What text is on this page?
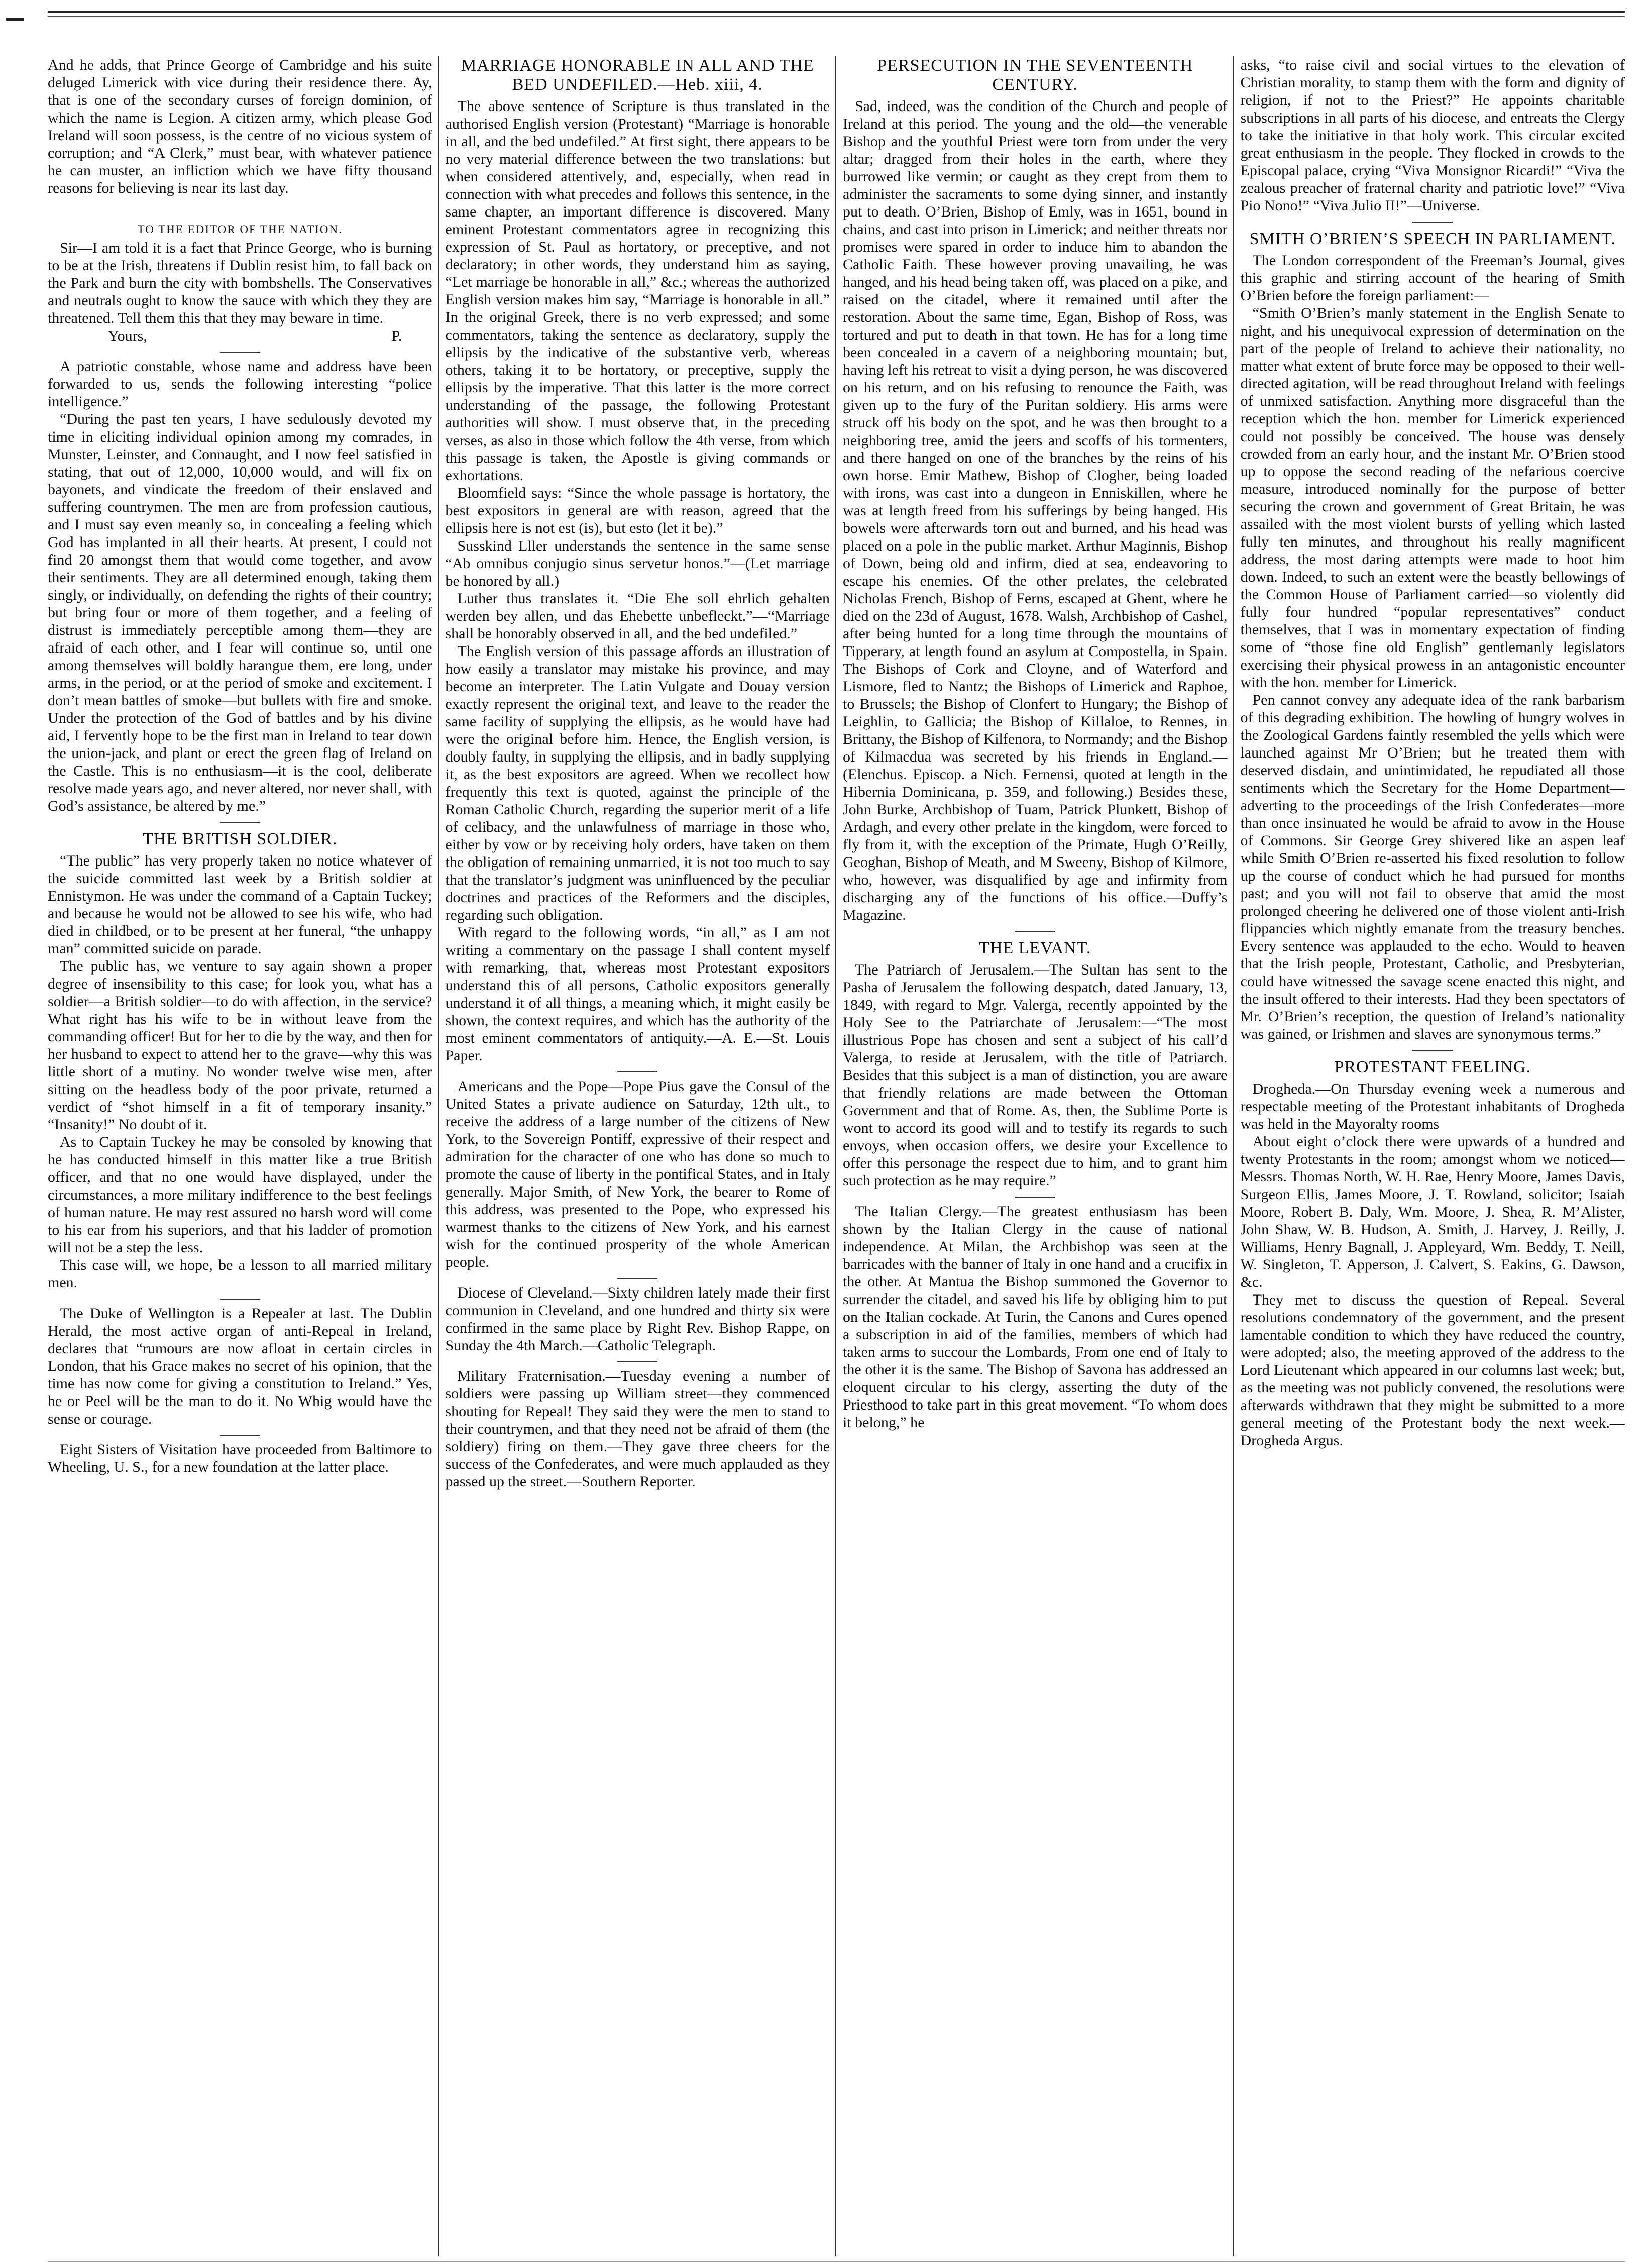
And he adds, that Prince George of Cambridge and his suite deluged Limerick with vice during their residence there. Ay, that is one of the secondary curses of foreign dominion, of which the name is Legion. A citizen army, which please God Ireland will soon possess, is the centre of no vicious system of corruption; and “A Clerk,” must bear, with whatever patience he can muster, an infliction which we have fifty thousand reasons for believing is near its last day.

TO THE EDITOR OF THE NATION.

Sir—I am told it is a fact that Prince George, who is burning to be at the Irish, threatens if Dublin resist him, to fall back on the Park and burn the city with bombshells. The Conservatives and neutrals ought to know the sauce with which they they are threatened. Tell them this that they may beware in time.

Yours,	P.

A patriotic constable, whose name and address have been forwarded to us, sends the following interesting “police intelligence.”

“During the past ten years, I have sedulously devoted my time in eliciting individual opinion among my comrades, in Munster, Leinster, and Connaught, and I now feel satisfied in stating, that out of 12,000, 10,000 would, and will fix on bayonets, and vindicate the freedom of their enslaved and suffering countrymen. The men are from profession cautious, and I must say even meanly so, in concealing a feeling which God has implanted in all their hearts. At present, I could not find 20 amongst them that would come together, and avow their sentiments. They are all determined enough, taking them singly, or individually, on defending the rights of their country; but bring four or more of them together, and a feeling of distrust is immediately perceptible among them—they are afraid of each other, and I fear will continue so, until one among themselves will boldly harangue them, ere long, under arms, in the period, or at the period of smoke and excitement. I don’t mean battles of smoke—but bullets with fire and smoke. Under the protection of the God of battles and by his divine aid, I fervently hope to be the first man in Ireland to tear down the union-jack, and plant or erect the green flag of Ireland on the Castle. This is no enthusiasm—it is the cool, deliberate resolve made years ago, and never altered, nor never shall, with God’s assistance, be altered by me.”

THE BRITISH SOLDIER.

“The public” has very properly taken no notice whatever of the suicide committed last week by a British soldier at Ennistymon. He was under the command of a Captain Tuckey; and because he would not be allowed to see his wife, who had died in childbed, or to be present at her funeral, “the unhappy man” committed suicide on parade.

The public has, we venture to say again shown a proper degree of insensibility to this case; for look you, what has a soldier—a British soldier—to do with affection, in the service? What right has his wife to be in without leave from the commanding officer! But for her to die by the way, and then for her husband to expect to attend her to the grave—why this was little short of a mutiny. No wonder twelve wise men, after sitting on the headless body of the poor private, returned a verdict of “shot himself in a fit of temporary insanity.” “Insanity!” No doubt of it.

As to Captain Tuckey he may be consoled by knowing that he has conducted himself in this matter like a true British officer, and that no one would have displayed, under the circumstances, a more military indifference to the best feelings of human nature. He may rest assured no harsh word will come to his ear from his superiors, and that his ladder of promotion will not be a step the less.

This case will, we hope, be a lesson to all married military men.

The Duke of Wellington is a Repealer at last. The Dublin Herald, the most active organ of anti-Repeal in Ireland, declares that “rumours are now afloat in certain circles in London, that his Grace makes no secret of his opinion, that the time has now come for giving a constitution to Ireland.” Yes, he or Peel will be the man to do it. No Whig would have the sense or courage.

Eight Sisters of Visitation have proceeded from Baltimore to Wheeling, U. S., for a new foundation at the latter place.

MARRIAGE HONORABLE IN ALL AND THE BED UNDEFILED.—Heb. xiii, 4.

The above sentence of Scripture is thus translated in the authorised English version (Protestant) “Marriage is honorable in all, and the bed undefiled.” At first sight, there appears to be no very material difference between the two translations: but when considered attentively, and, especially, when read in connection with what precedes and follows this sentence, in the same chapter, an important difference is discovered. Many eminent Protestant commentators agree in recognizing this expression of St. Paul as hortatory, or preceptive, and not declaratory; in other words, they understand him as saying, “Let marriage be honorable in all,” &c.; whereas the authorized English version makes him say, “Marriage is honorable in all.” In the original Greek, there is no verb expressed; and some commentators, taking the sentence as declaratory, supply the ellipsis by the indicative of the substantive verb, whereas others, taking it to be hortatory, or preceptive, supply the ellipsis by the imperative. That this latter is the more correct understanding of the passage, the following Protestant authorities will show. I must observe that, in the preceding verses, as also in those which follow the 4th verse, from which this passage is taken, the Apostle is giving commands or exhortations.

Bloomfield says: “Since the whole passage is hortatory, the best expositors in general are with reason, agreed that the ellipsis here is not est (is), but esto (let it be).”

Susskind Lller understands the sentence in the same sense “Ab omnibus conjugio sinus servetur honos.”—(Let marriage be honored by all.)

Luther thus translates it. “Die Ehe soll ehrlich gehalten werden bey allen, und das Ehebette unbefleckt.”—“Marriage shall be honorably observed in all, and the bed undefiled.”

The English version of this passage affords an illustration of how easily a translator may mistake his province, and may become an interpreter. The Latin Vulgate and Douay version exactly represent the original text, and leave to the reader the same facility of supplying the ellipsis, as he would have had were the original before him. Hence, the English version, is doubly faulty, in supplying the ellipsis, and in badly supplying it, as the best expositors are agreed. When we recollect how frequently this text is quoted, against the principle of the Roman Catholic Church, regarding the superior merit of a life of celibacy, and the unlawfulness of marriage in those who, either by vow or by receiving holy orders, have taken on them the obligation of remaining unmarried, it is not too much to say that the translator’s judgment was uninfluenced by the peculiar doctrines and practices of the Reformers and the disciples, regarding such obligation.

With regard to the following words, “in all,” as I am not writing a commentary on the passage I shall content myself with remarking, that, whereas most Protestant expositors understand this of all persons, Catholic expositors generally understand it of all things, a meaning which, it might easily be shown, the context requires, and which has the authority of the most eminent commentators of antiquity.—A. E.—St. Louis Paper.

Americans and the Pope—Pope Pius gave the Consul of the United States a private audience on Saturday, 12th ult., to receive the address of a large number of the citizens of New York, to the Sovereign Pontiff, expressive of their respect and admiration for the character of one who has done so much to promote the cause of liberty in the pontifical States, and in Italy generally. Major Smith, of New York, the bearer to Rome of this address, was presented to the Pope, who expressed his warmest thanks to the citizens of New York, and his earnest wish for the continued prosperity of the whole American people.

Diocese of Cleveland.—Sixty children lately made their first communion in Cleveland, and one hundred and thirty six were confirmed in the same place by Right Rev. Bishop Rappe, on Sunday the 4th March.—Catholic Telegraph.

Military Fraternisation.—Tuesday evening a number of soldiers were passing up William street—they commenced shouting for Repeal! They said they were the men to stand to their countrymen, and that they need not be afraid of them (the soldiery) firing on them.—They gave three cheers for the success of the Confederates, and were much applauded as they passed up the street.—Southern Reporter.

PERSECUTION IN THE SEVENTEENTH CENTURY.

Sad, indeed, was the condition of the Church and people of Ireland at this period. The young and the old—the venerable Bishop and the youthful Priest were torn from under the very altar; dragged from their holes in the earth, where they burrowed like vermin; or caught as they crept from them to administer the sacraments to some dying sinner, and instantly put to death. O’Brien, Bishop of Emly, was in 1651, bound in chains, and cast into prison in Limerick; and neither threats nor promises were spared in order to induce him to abandon the Catholic Faith. These however proving unavailing, he was hanged, and his head being taken off, was placed on a pike, and raised on the citadel, where it remained until after the restoration. About the same time, Egan, Bishop of Ross, was tortured and put to death in that town. He has for a long time been concealed in a cavern of a neighboring mountain; but, having left his retreat to visit a dying person, he was discovered on his return, and on his refusing to renounce the Faith, was given up to the fury of the Puritan soldiery. His arms were struck off his body on the spot, and he was then brought to a neighboring tree, amid the jeers and scoffs of his tormenters, and there hanged on one of the branches by the reins of his own horse. Emir Mathew, Bishop of Clogher, being loaded with irons, was cast into a dungeon in Enniskillen, where he was at length freed from his sufferings by being hanged. His bowels were afterwards torn out and burned, and his head was placed on a pole in the public market. Arthur Maginnis, Bishop of Down, being old and infirm, died at sea, endeavoring to escape his enemies. Of the other prelates, the celebrated Nicholas French, Bishop of Ferns, escaped at Ghent, where he died on the 23d of August, 1678. Walsh, Archbishop of Cashel, after being hunted for a long time through the mountains of Tipperary, at length found an asylum at Compostella, in Spain. The Bishops of Cork and Cloyne, and of Waterford and Lismore, fled to Nantz; the Bishops of Limerick and Raphoe, to Brussels; the Bishop of Clonfert to Hungary; the Bishop of Leighlin, to Gallicia; the Bishop of Killaloe, to Rennes, in Brittany, the Bishop of Kilfenora, to Normandy; and the Bishop of Kilmacdua was secreted by his friends in England.—(Elenchus. Episcop. a Nich. Fernensi, quoted at length in the Hibernia Dominicana, p. 359, and following.) Besides these, John Burke, Archbishop of Tuam, Patrick Plunkett, Bishop of Ardagh, and every other prelate in the kingdom, were forced to fly from it, with the exception of the Primate, Hugh O’Reilly, Geoghan, Bishop of Meath, and M Sweeny, Bishop of Kilmore, who, however, was disqualified by age and infirmity from discharging any of the functions of his office.—Duffy’s Magazine.

THE LEVANT.

The Patriarch of Jerusalem.—The Sultan has sent to the Pasha of Jerusalem the following despatch, dated January, 13, 1849, with regard to Mgr. Valerga, recently appointed by the Holy See to the Patriarchate of Jerusalem:—“The most illustrious Pope has chosen and sent a subject of his call’d Valerga, to reside at Jerusalem, with the title of Patriarch. Besides that this subject is a man of distinction, you are aware that friendly relations are made between the Ottoman Government and that of Rome. As, then, the Sublime Porte is wont to accord its good will and to testify its regards to such envoys, when occasion offers, we desire your Excellence to offer this personage the respect due to him, and to grant him such protection as he may require.”

The Italian Clergy.—The greatest enthusiasm has been shown by the Italian Clergy in the cause of national independence. At Milan, the Archbishop was seen at the barricades with the banner of Italy in one hand and a crucifix in the other. At Mantua the Bishop summoned the Governor to surrender the citadel, and saved his life by obliging him to put on the Italian cockade. At Turin, the Canons and Cures opened a subscription in aid of the families, members of which had taken arms to succour the Lombards, From one end of Italy to the other it is the same. The Bishop of Savona has addressed an eloquent circular to his clergy, asserting the duty of the Priesthood to take part in this great movement. “To whom does it belong,” he

asks, “to raise civil and social virtues to the elevation of Christian morality, to stamp them with the form and dignity of religion, if not to the Priest?” He appoints charitable subscriptions in all parts of his diocese, and entreats the Clergy to take the initiative in that holy work. This circular excited great enthusiasm in the people. They flocked in crowds to the Episcopal palace, crying “Viva Monsignor Ricardi!” “Viva the zealous preacher of fraternal charity and patriotic love!” “Viva Pio Nono!” “Viva Julio II!”—Universe.

SMITH O’BRIEN’S SPEECH IN PARLIAMENT.

The London correspondent of the Freeman’s Journal, gives this graphic and stirring account of the hearing of Smith O’Brien before the foreign parliament:—

“Smith O’Brien’s manly statement in the English Senate to night, and his unequivocal expression of determination on the part of the people of Ireland to achieve their nationality, no matter what extent of brute force may be opposed to their well-directed agitation, will be read throughout Ireland with feelings of unmixed satisfaction. Anything more disgraceful than the reception which the hon. member for Limerick experienced could not possibly be conceived. The house was densely crowded from an early hour, and the instant Mr. O’Brien stood up to oppose the second reading of the nefarious coercive measure, introduced nominally for the purpose of better securing the crown and government of Great Britain, he was assailed with the most violent bursts of yelling which lasted fully ten minutes, and throughout his really magnificent address, the most daring attempts were made to hoot him down. Indeed, to such an extent were the beastly bellowings of the Common House of Parliament carried—so violently did fully four hundred “popular representatives” conduct themselves, that I was in momentary expectation of finding some of “those fine old English” gentlemanly legislators exercising their physical prowess in an antagonistic encounter with the hon. member for Limerick.

Pen cannot convey any adequate idea of the rank barbarism of this degrading exhibition. The howling of hungry wolves in the Zoological Gardens faintly resembled the yells which were launched against Mr O’Brien; but he treated them with deserved disdain, and unintimidated, he repudiated all those sentiments which the Secretary for the Home Department—adverting to the proceedings of the Irish Confederates—more than once insinuated he would be afraid to avow in the House of Commons. Sir George Grey shivered like an aspen leaf while Smith O’Brien re-asserted his fixed resolution to follow up the course of conduct which he had pursued for months past; and you will not fail to observe that amid the most prolonged cheering he delivered one of those violent anti-Irish flippancies which nightly emanate from the treasury benches. Every sentence was applauded to the echo. Would to heaven that the Irish people, Protestant, Catholic, and Presbyterian, could have witnessed the savage scene enacted this night, and the insult offered to their interests. Had they been spectators of Mr. O’Brien’s reception, the question of Ireland’s nationality was gained, or Irishmen and slaves are synonymous terms.”

PROTESTANT FEELING.

Drogheda.—On Thursday evening week a numerous and respectable meeting of the Protestant inhabitants of Drogheda was held in the Mayoralty rooms

About eight o’clock there were upwards of a hundred and twenty Protestants in the room; amongst whom we noticed—Messrs. Thomas North, W. H. Rae, Henry Moore, James Davis, Surgeon Ellis, James Moore, J. T. Rowland, solicitor; Isaiah Moore, Robert B. Daly, Wm. Moore, J. Shea, R. M’Alister, John Shaw, W. B. Hudson, A. Smith, J. Harvey, J. Reilly, J. Williams, Henry Bagnall, J. Appleyard, Wm. Beddy, T. Neill, W. Singleton, T. Apperson, J. Calvert, S. Eakins, G. Dawson, &c.

They met to discuss the question of Repeal. Several resolutions condemnatory of the government, and the present lamentable condition to which they have reduced the country, were adopted; also, the meeting approved of the address to the Lord Lieutenant which appeared in our columns last week; but, as the meeting was not publicly convened, the resolutions were afterwards withdrawn that they might be submitted to a more general meeting of the Protestant body the next week.—Drogheda Argus.
